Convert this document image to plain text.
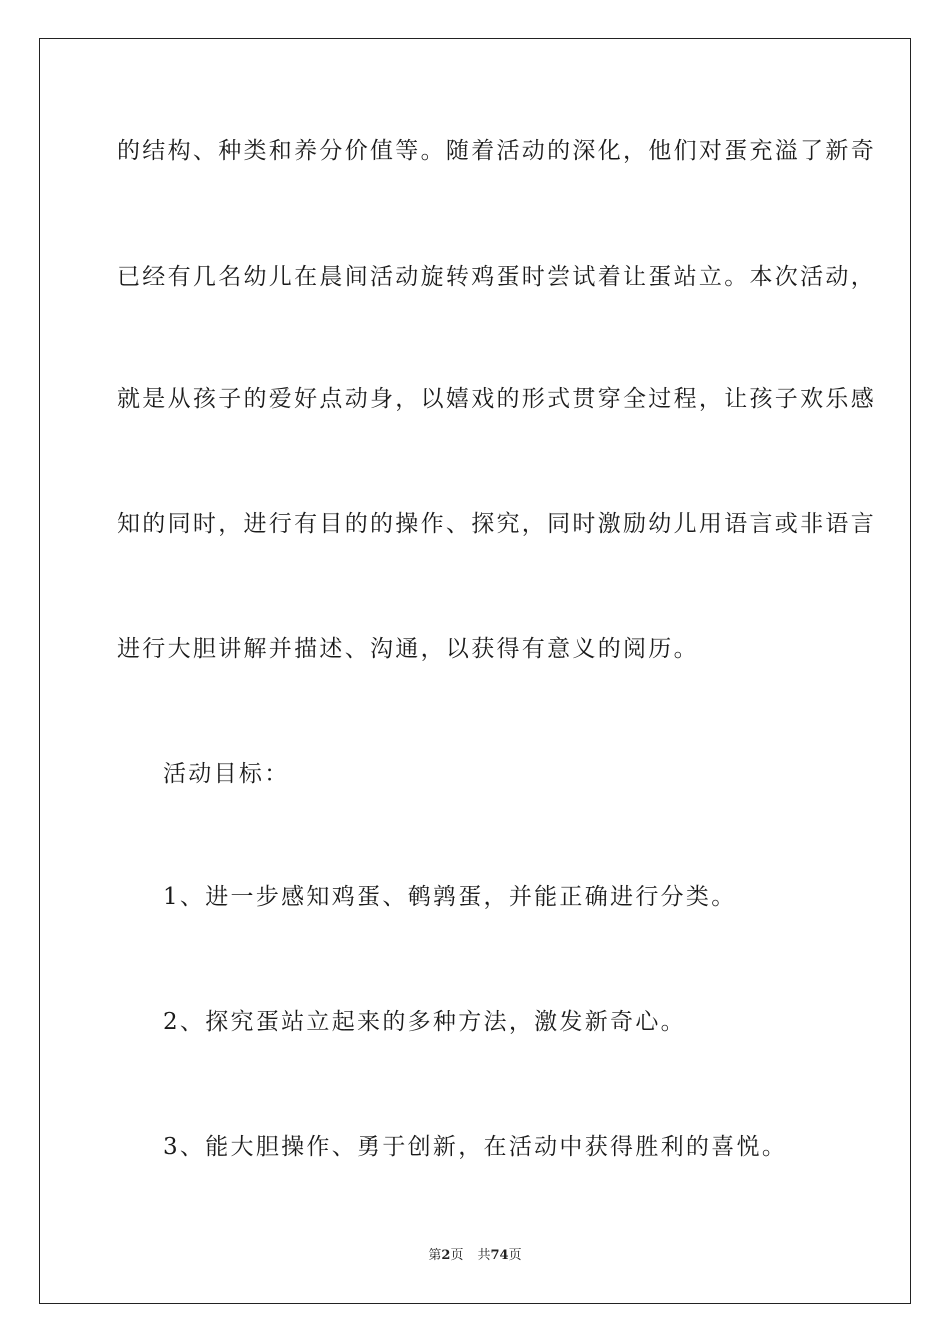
的结构、种类和养分价值等。随着活动的深化，他们对蛋充溢了新奇
已经有几名幼儿在晨间活动旋转鸡蛋时尝试着让蛋站立。本次活动，
就是从孩子的爱好点动身，以嬉戏的形式贯穿全过程，让孩子欢乐感
知的同时，进行有目的的操作、探究，同时激励幼儿用语言或非语言
进行大胆讲解并描述、沟通，以获得有意义的阅历。
活动目标：
1、进一步感知鸡蛋、鹌鹑蛋，并能正确进行分类。
2、探究蛋站立起来的多种方法，激发新奇心。
3、能大胆操作、勇于创新，在活动中获得胜利的喜悦。
第2页 共74页
